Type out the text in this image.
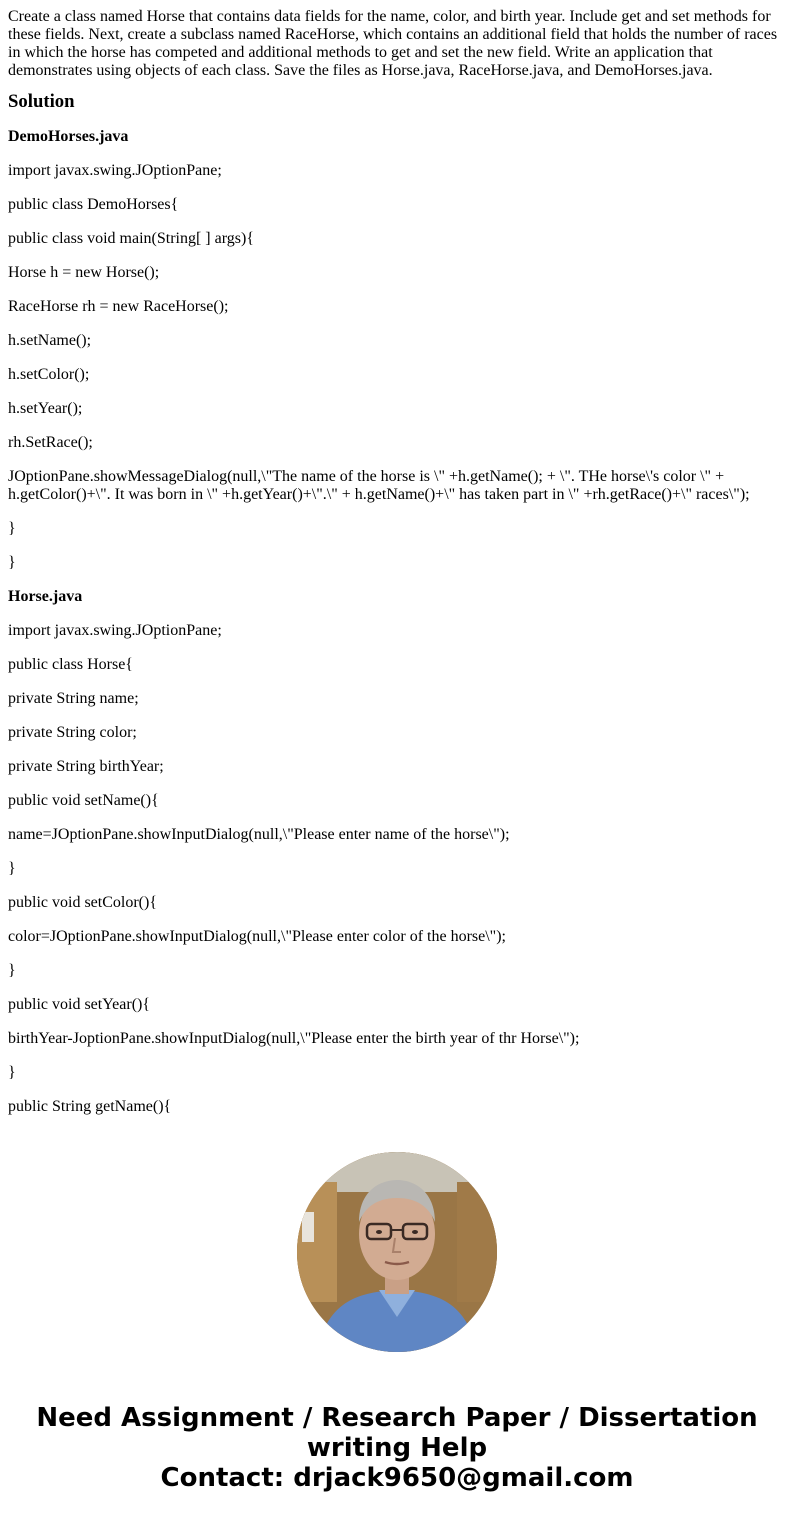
Create a class named Horse that contains data fields for the name, color, and birth year. Include get and set methods for these fields. Next, create a subclass named RaceHorse, which contains an additional field that holds the number of races in which the horse has competed and additional methods to get and set the new field. Write an application that demonstrates using objects of each class. Save the files as Horse.java, RaceHorse.java, and DemoHorses.java.

Solution

DemoHorses.java

import javax.swing.JOptionPane;

public class DemoHorses{

public class void main(String[ ] args){

Horse h = new Horse();

RaceHorse rh = new RaceHorse();

h.setName();

h.setColor();

h.setYear();

rh.SetRace();

JOptionPane.showMessageDialog(null,\"The name of the horse is \" +h.getName(); + \". THe horse\'s color \" + h.getColor()+\". It was born in \" +h.getYear()+\".\" + h.getName()+\" has taken part in \" +rh.getRace()+\" races\");

}

}

Horse.java

import javax.swing.JOptionPane;

public class Horse{

private String name;

private String color;

private String birthYear;

public void setName(){

name=JOptionPane.showInputDialog(null,\"Please enter name of the horse\");

}

public void setColor(){

color=JOptionPane.showInputDialog(null,\"Please enter color of the horse\");

}

public void setYear(){

birthYear-JoptionPane.showInputDialog(null,\"Please enter the birth year of thr Horse\");

}

public String getName(){

Need Assignment / Research Paper / Dissertation
writing Help
Contact: drjack9650@gmail.com
